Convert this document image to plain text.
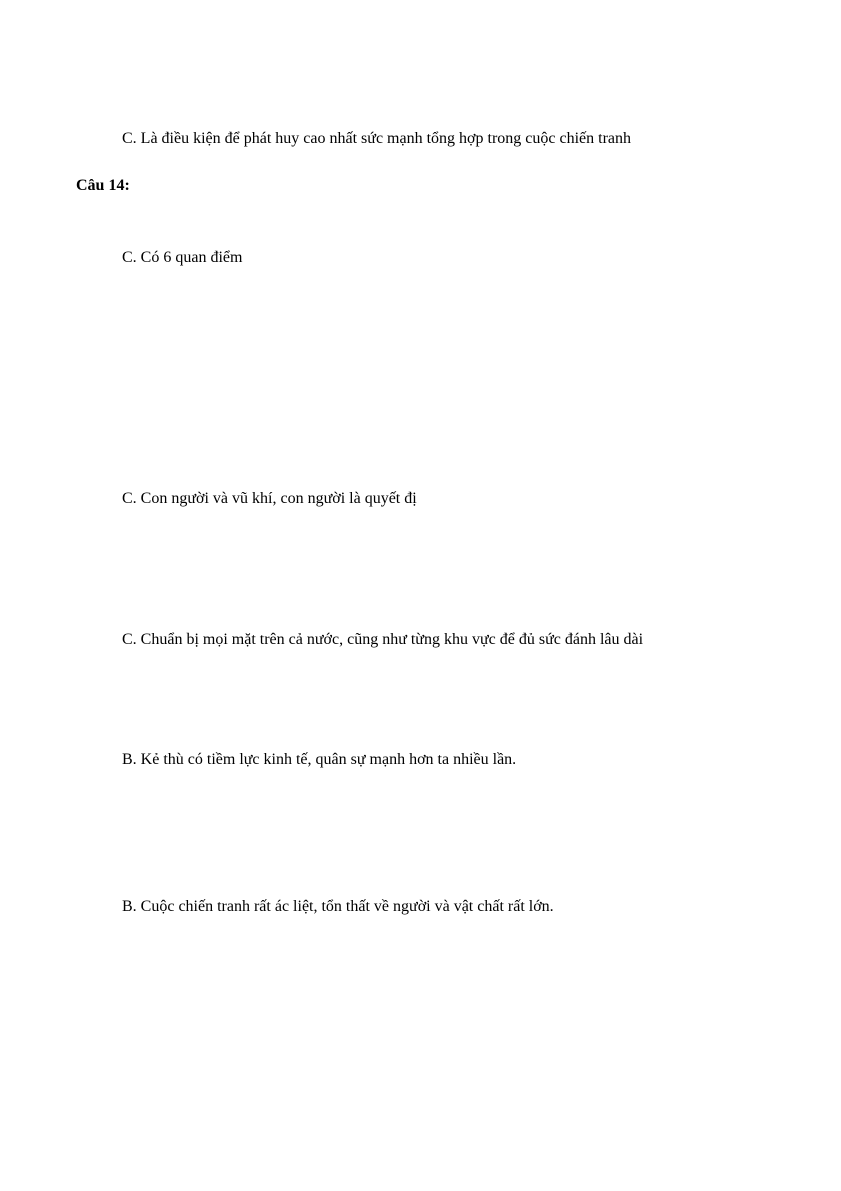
C. Là điều kiện để phát huy cao nhất sức mạnh tổng hợp trong cuộc chiến tranh
Câu 14:
C. Có 6 quan điểm
C. Con người và vũ khí, con người là quyết đị
C. Chuẩn bị mọi mặt trên cả nước, cũng như từng khu vực để đủ sức đánh lâu dài
B. Kẻ thù có tiềm lực kinh tế, quân sự mạnh hơn ta nhiều lần.
B. Cuộc chiến tranh rất ác liệt, tổn thất về người và vật chất rất lớn.
